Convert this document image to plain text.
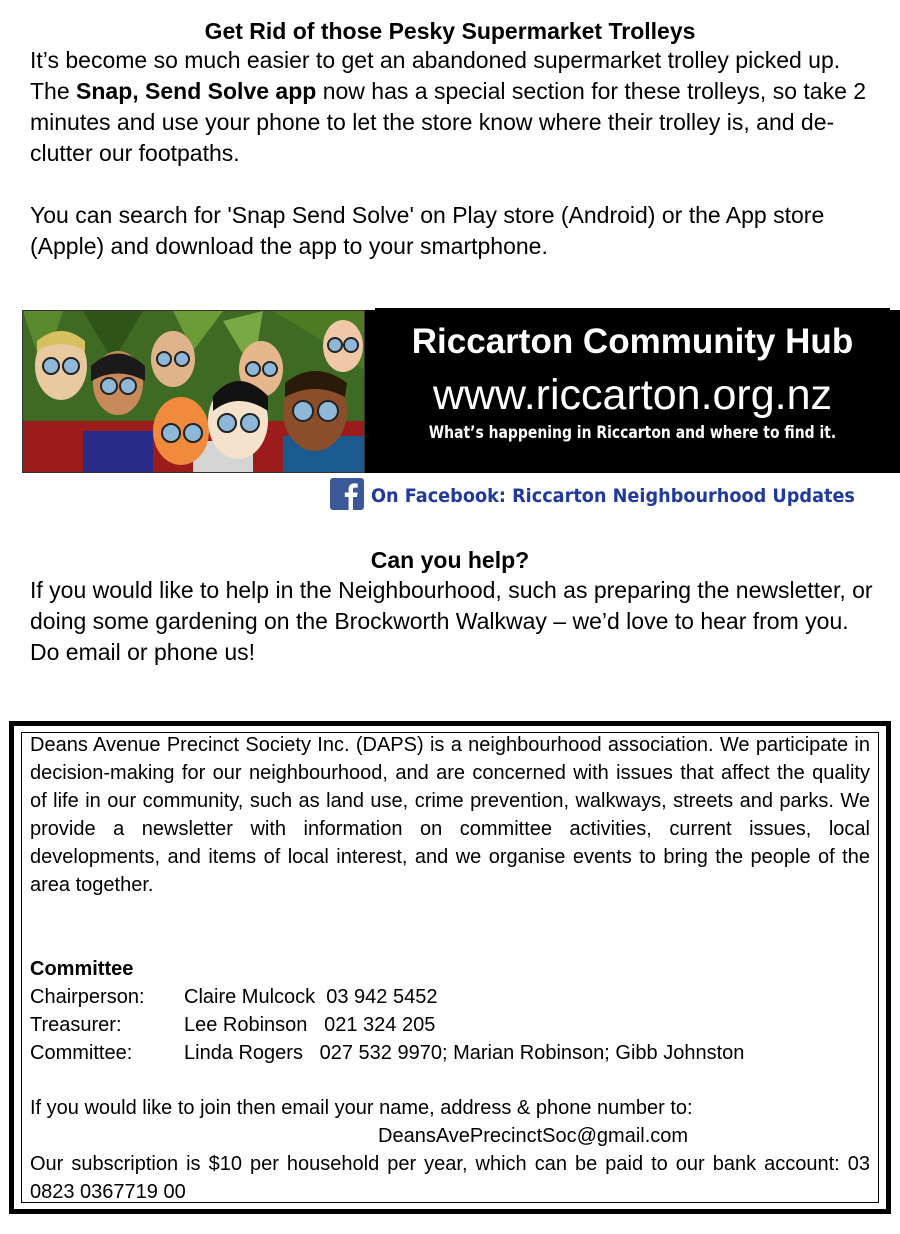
Get Rid of those Pesky Supermarket Trolleys

It’s become so much easier to get an abandoned supermarket trolley picked up. The Snap, Send Solve app now has a special section for these trolleys, so take 2 minutes and use your phone to let the store know where their trolley is, and de-clutter our footpaths.

You can search for 'Snap Send Solve' on Play store (Android) or the App store (Apple) and download the app to your smartphone.

Riccarton Community Hub
www.riccarton.org.nz
What’s happening in Riccarton and where to find it.
On Facebook: Riccarton Neighbourhood Updates
Can you help?

If you would like to help in the Neighbourhood, such as preparing the newsletter, or doing some gardening on the Brockworth Walkway – we’d love to hear from you. Do email or phone us!

Deans Avenue Precinct Society Inc. (DAPS) is a neighbourhood association. We participate in decision-making for our neighbourhood, and are concerned with issues that affect the quality of life in our community, such as land use, crime prevention, walkways, streets and parks. We provide a newsletter with information on committee activities, current issues, local developments, and items of local interest, and we organise events to bring the people of the area together.

Committee

Chairperson: Claire Mulcock  03 942 5452
Treasurer:	Lee Robinson   021 324 205
Committee:	Linda Rogers   027 532 9970; Marian Robinson; Gibb Johnston

If you would like to join then email your name, address & phone number to:

DeansAvePrecinctSoc@gmail.com

Our subscription is $10 per household per year, which can be paid to our bank account: 03 0823 0367719 00
